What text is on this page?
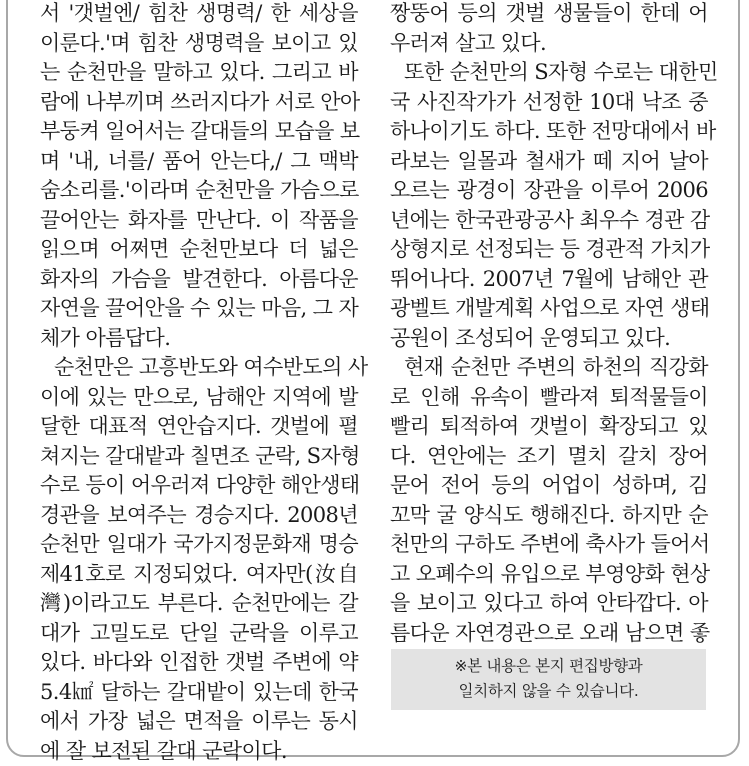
서 '갯벌엔/ 힘찬 생명력/ 한 세상을
이룬다.'며 힘찬 생명력을 보이고 있
는 순천만을 말하고 있다. 그리고 바
람에 나부끼며 쓰러지다가 서로 안아
부둥켜 일어서는 갈대들의 모습을 보
며 '내, 너를/ 품어 안는다,/ 그 맥박
숨소리를.'이라며 순천만을 가슴으로
끌어안는 화자를 만난다. 이 작품을
읽으며 어쩌면 순천만보다 더 넓은
화자의 가슴을 발견한다. 아름다운
자연을 끌어안을 수 있는 마음, 그 자
체가 아름답다.
순천만은 고흥반도와 여수반도의 사
이에 있는 만으로, 남해안 지역에 발
달한 대표적 연안습지다. 갯벌에 펼
쳐지는 갈대밭과 칠면조 군락, S자형
수로 등이 어우러져 다양한 해안생태
경관을 보여주는 경승지다. 2008년
순천만 일대가 국가지정문화재 명승
제41호로 지정되었다. 여자만(汝自
灣)이라고도 부른다. 순천만에는 갈
대가 고밀도로 단일 군락을 이루고
있다. 바다와 인접한 갯벌 주변에 약
5.4㎢ 달하는 갈대밭이 있는데 한국
에서 가장 넓은 면적을 이루는 동시
에 잘 보전된 갈대 군락이다.
짱뚱어 등의 갯벌 생물들이 한데 어
우러져 살고 있다.
또한 순천만의 S자형 수로는 대한민
국 사진작가가 선정한 10대 낙조 중
하나이기도 하다. 또한 전망대에서 바
라보는 일몰과 철새가 떼 지어 날아
오르는 광경이 장관을 이루어 2006
년에는 한국관광공사 최우수 경관 감
상형지로 선정되는 등 경관적 가치가
뛰어나다. 2007년 7월에 남해안 관
광벨트 개발계획 사업으로 자연 생태
공원이 조성되어 운영되고 있다.
현재 순천만 주변의 하천의 직강화
로 인해 유속이 빨라져 퇴적물들이
빨리 퇴적하여 갯벌이 확장되고 있
다. 연안에는 조기 멸치 갈치 장어
문어 전어 등의 어업이 성하며, 김
꼬막 굴 양식도 행해진다. 하지만 순
천만의 구하도 주변에 축사가 들어서
고 오폐수의 유입으로 부영양화 현상
을 보이고 있다고 하여 안타깝다. 아
름다운 자연경관으로 오래 남으면 좋
※본 내용은 본지 편집방향과
일치하지 않을 수 있습니다.
